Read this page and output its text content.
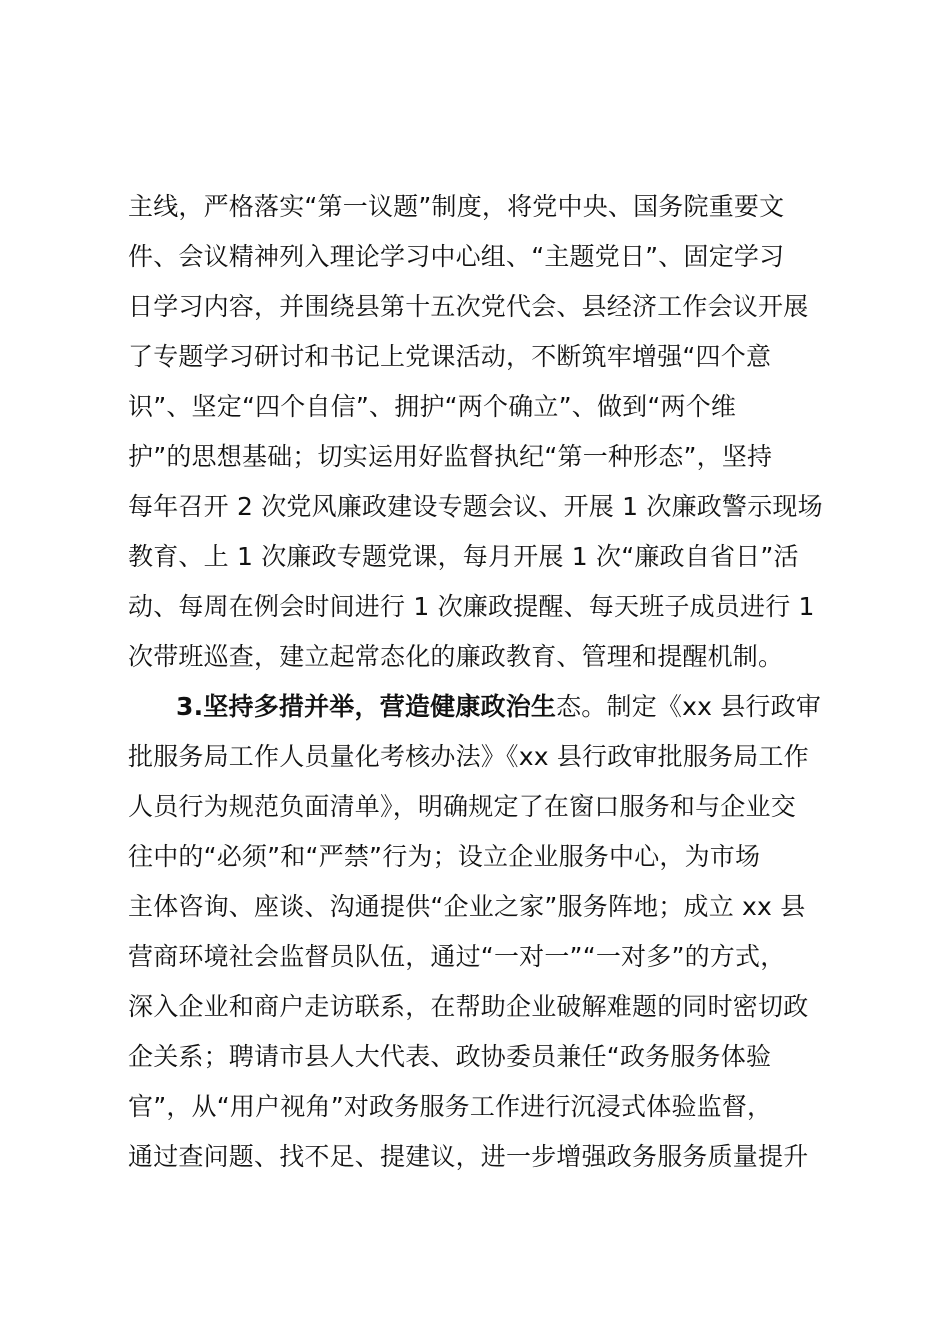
主线，严格落实“第一议题”制度，将党中央、国务院重要文
件、会议精神列入理论学习中心组、“主题党日”、固定学习
日学习内容，并围绕县第十五次党代会、县经济工作会议开展
了专题学习研讨和书记上党课活动，不断筑牢增强“四个意
识”、坚定“四个自信”、拥护“两个确立”、做到“两个维
护”的思想基础；切实运用好监督执纪“第一种形态”，坚持
每年召开 2 次党风廉政建设专题会议、开展 1 次廉政警示现场
教育、上 1 次廉政专题党课，每月开展 1 次“廉政自省日”活
动、每周在例会时间进行 1 次廉政提醒、每天班子成员进行 1
次带班巡查，建立起常态化的廉政教育、管理和提醒机制。
3.坚持多措并举，营造健康政治生态。制定《xx 县行政审
批服务局工作人员量化考核办法》《xx 县行政审批服务局工作
人员行为规范负面清单》，明确规定了在窗口服务和与企业交
往中的“必须”和“严禁”行为；设立企业服务中心，为市场
主体咨询、座谈、沟通提供“企业之家”服务阵地；成立 xx 县
营商环境社会监督员队伍，通过“一对一”“一对多”的方式，
深入企业和商户走访联系，在帮助企业破解难题的同时密切政
企关系；聘请市县人大代表、政协委员兼任“政务服务体验
官”，从“用户视角”对政务服务工作进行沉浸式体验监督，
通过查问题、找不足、提建议，进一步增强政务服务质量提升
